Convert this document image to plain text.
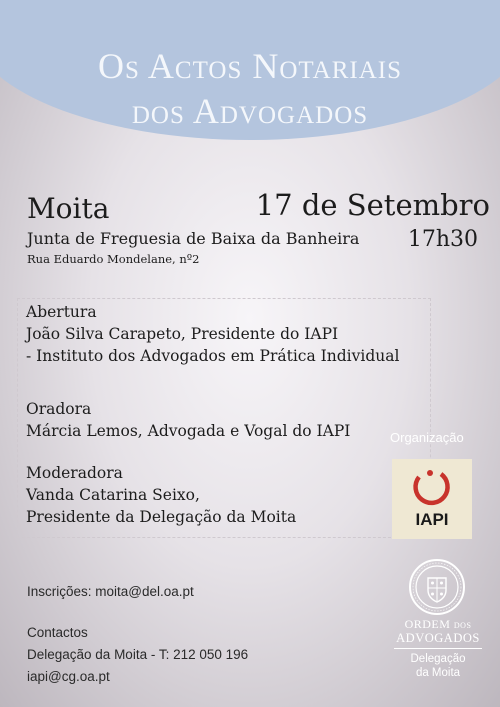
Os Actos Notariais
dos Advogados
Moita
Junta de Freguesia de Baixa da Banheira
Rua Eduardo Mondelane, nº2
17 de Setembro
17h30
Abertura
João Silva Carapeto, Presidente do IAPI
- Instituto dos Advogados em Prática Individual
Oradora
Márcia Lemos, Advogada e Vogal do IAPI
Moderadora
Vanda Catarina Seixo,
Presidente da Delegação da Moita
Inscrições: moita@del.oa.pt
Contactos
Delegação da Moita - T: 212 050 196
iapi@cg.oa.pt
Organização
IAPI
ORDEM DOS
ADVOGADOS
Delegação
da Moita
